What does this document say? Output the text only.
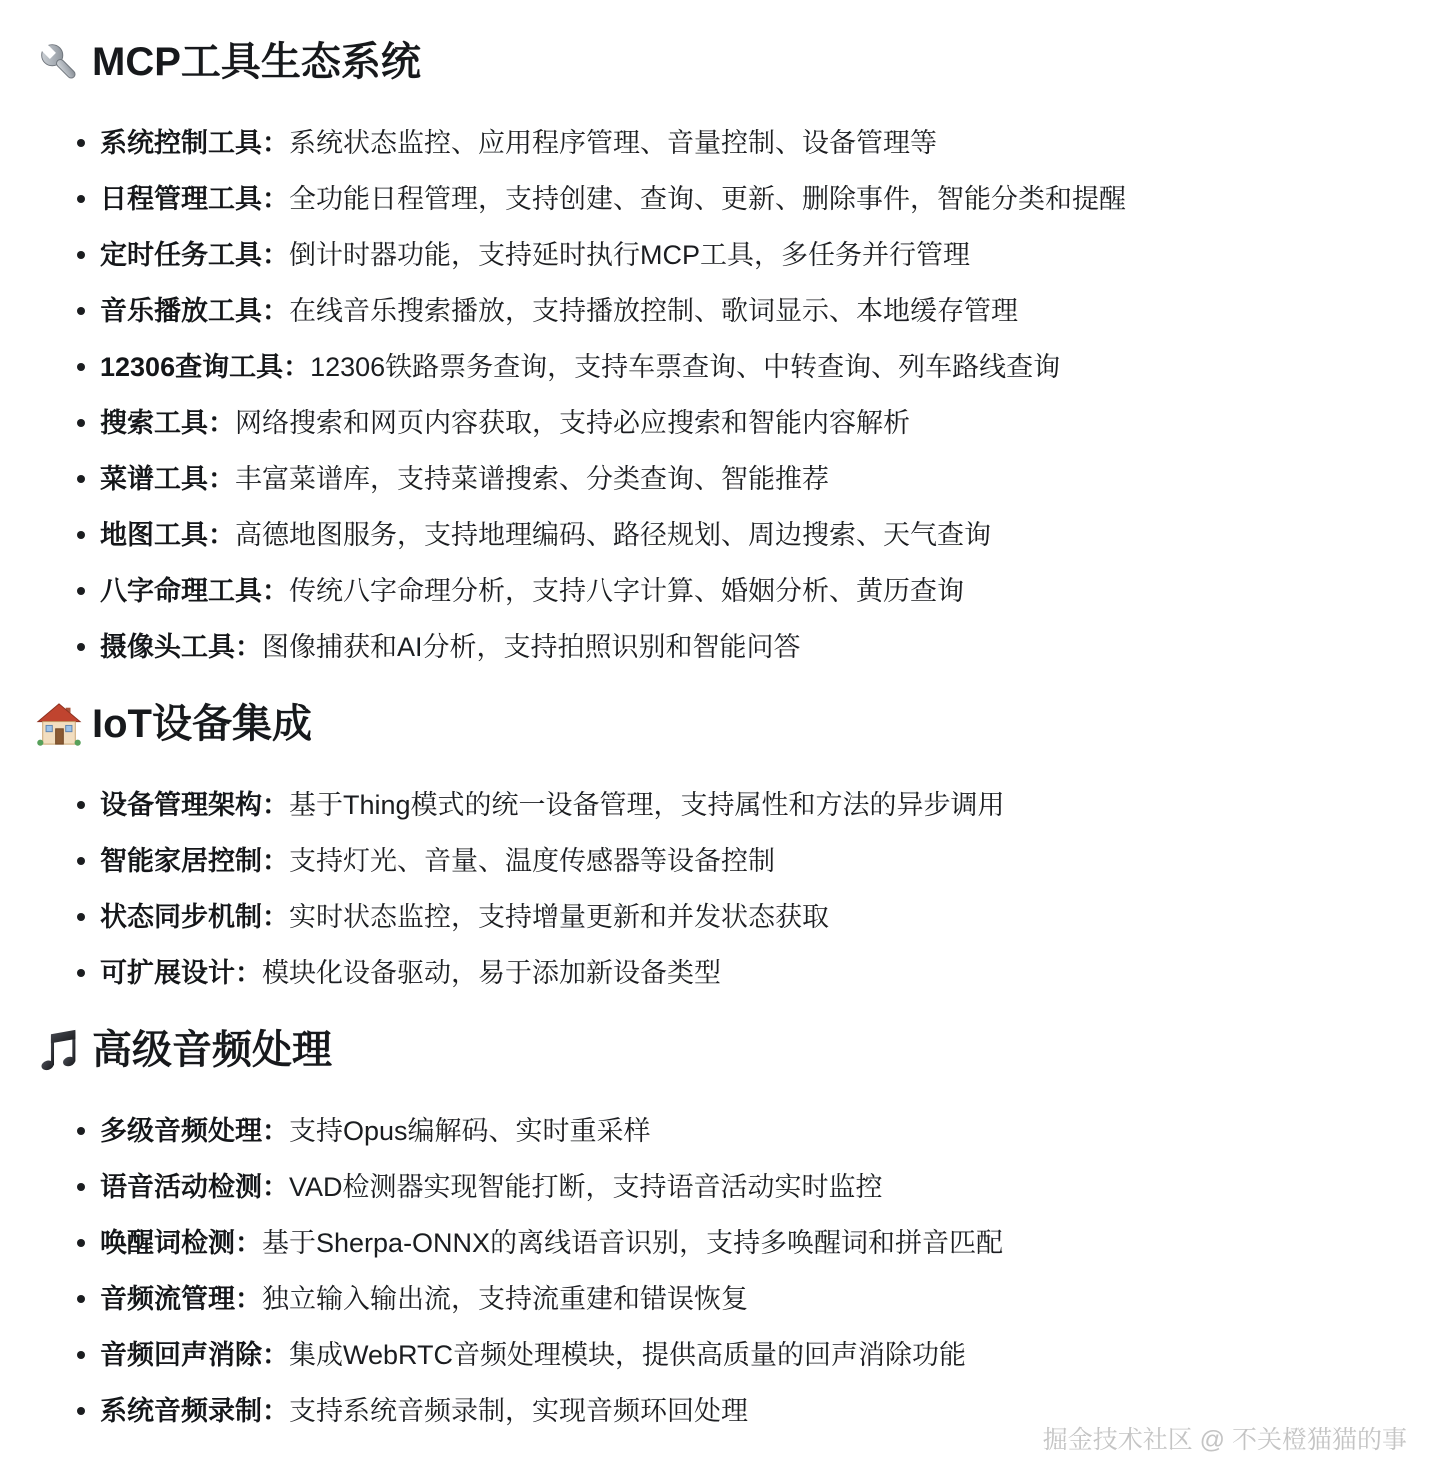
MCP工具生态系统
系统控制工具：系统状态监控、应用程序管理、音量控制、设备管理等
日程管理工具：全功能日程管理，支持创建、查询、更新、删除事件，智能分类和提醒
定时任务工具：倒计时器功能，支持延时执行MCP工具，多任务并行管理
音乐播放工具：在线音乐搜索播放，支持播放控制、歌词显示、本地缓存管理
12306查询工具：12306铁路票务查询，支持车票查询、中转查询、列车路线查询
搜索工具：网络搜索和网页内容获取，支持必应搜索和智能内容解析
菜谱工具：丰富菜谱库，支持菜谱搜索、分类查询、智能推荐
地图工具：高德地图服务，支持地理编码、路径规划、周边搜索、天气查询
八字命理工具：传统八字命理分析，支持八字计算、婚姻分析、黄历查询
摄像头工具：图像捕获和AI分析，支持拍照识别和智能问答
IoT设备集成
设备管理架构：基于Thing模式的统一设备管理，支持属性和方法的异步调用
智能家居控制：支持灯光、音量、温度传感器等设备控制
状态同步机制：实时状态监控，支持增量更新和并发状态获取
可扩展设计：模块化设备驱动，易于添加新设备类型
高级音频处理
多级音频处理：支持Opus编解码、实时重采样
语音活动检测：VAD检测器实现智能打断，支持语音活动实时监控
唤醒词检测：基于Sherpa-ONNX的离线语音识别，支持多唤醒词和拼音匹配
音频流管理：独立输入输出流，支持流重建和错误恢复
音频回声消除：集成WebRTC音频处理模块，提供高质量的回声消除功能
系统音频录制：支持系统音频录制，实现音频环回处理
掘金技术社区 @ 不关橙猫猫的事
